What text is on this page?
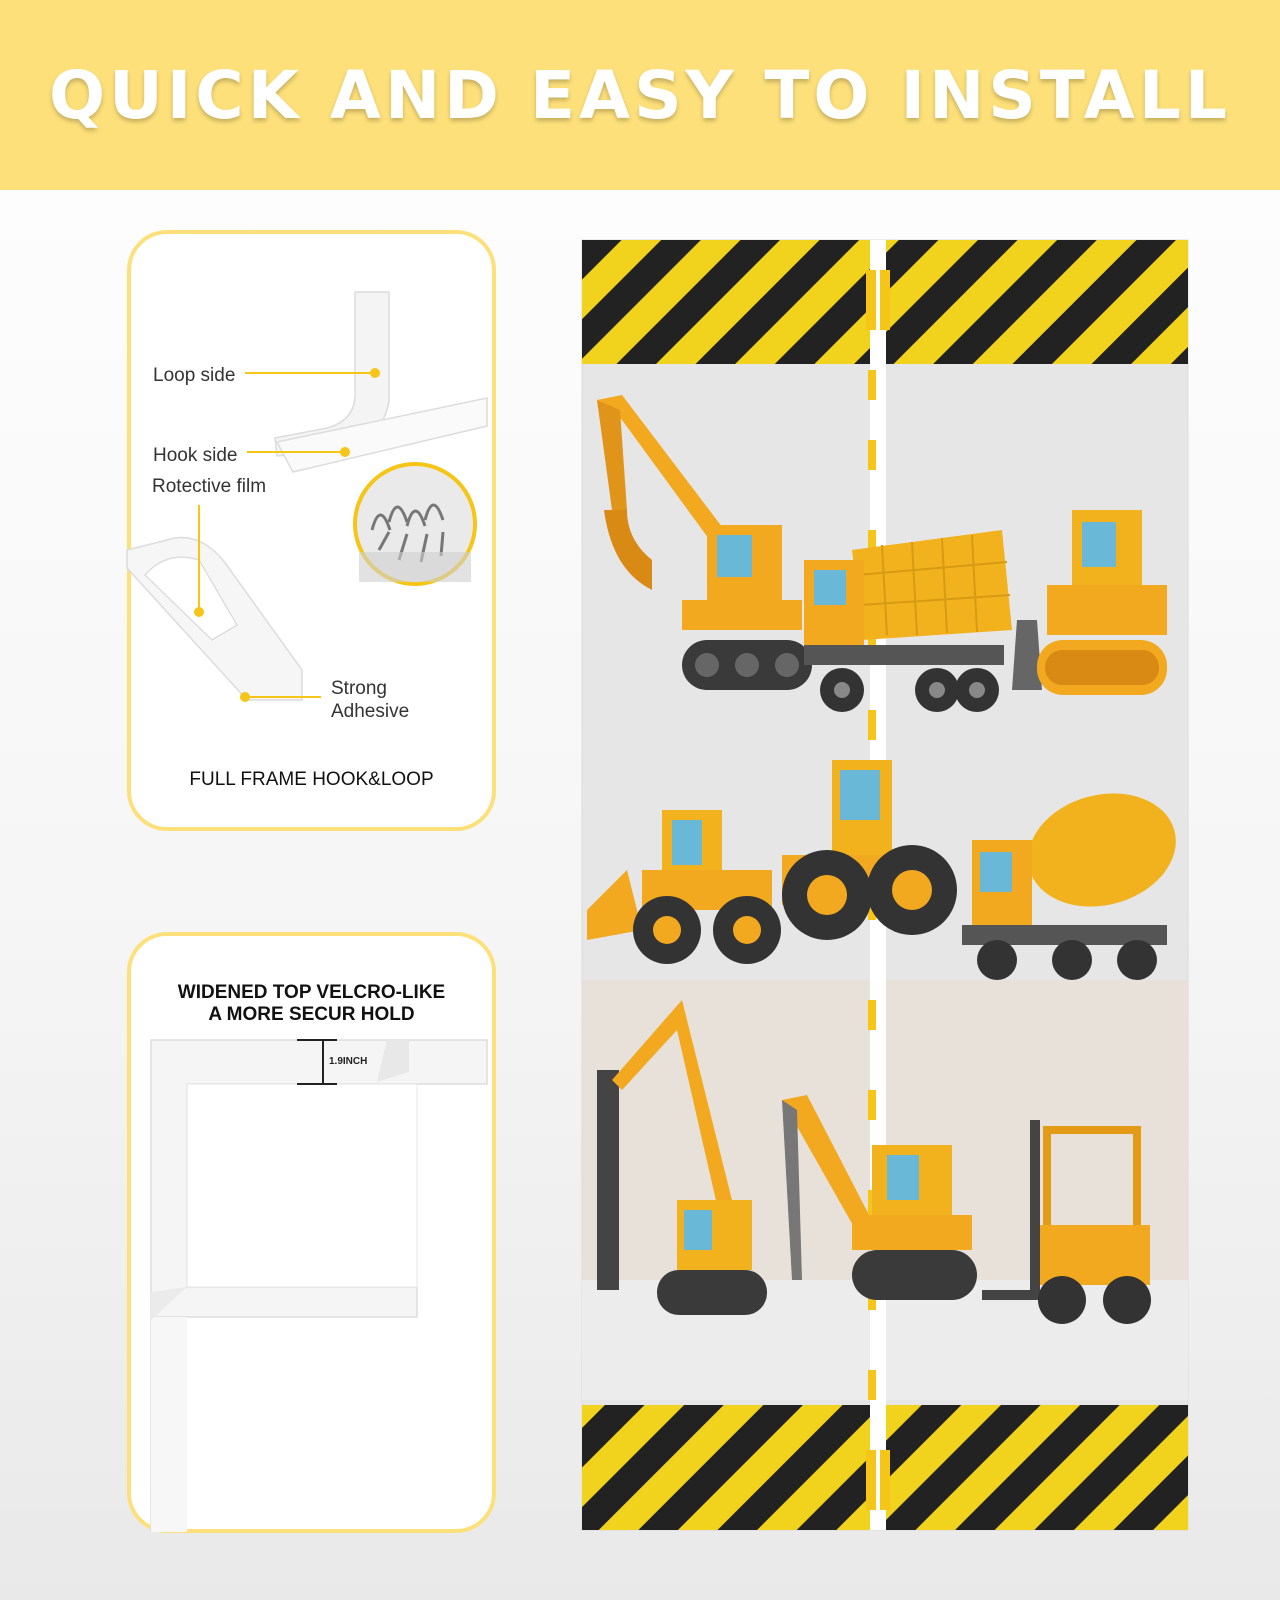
QUICK AND EASY TO INSTALL
Loop side
Hook side
Rotective film
Strong
Adhesive
FULL FRAME HOOK&LOOP
WIDENED TOP VELCRO-LIKE
A MORE SECUR HOLD
1.9INCH
